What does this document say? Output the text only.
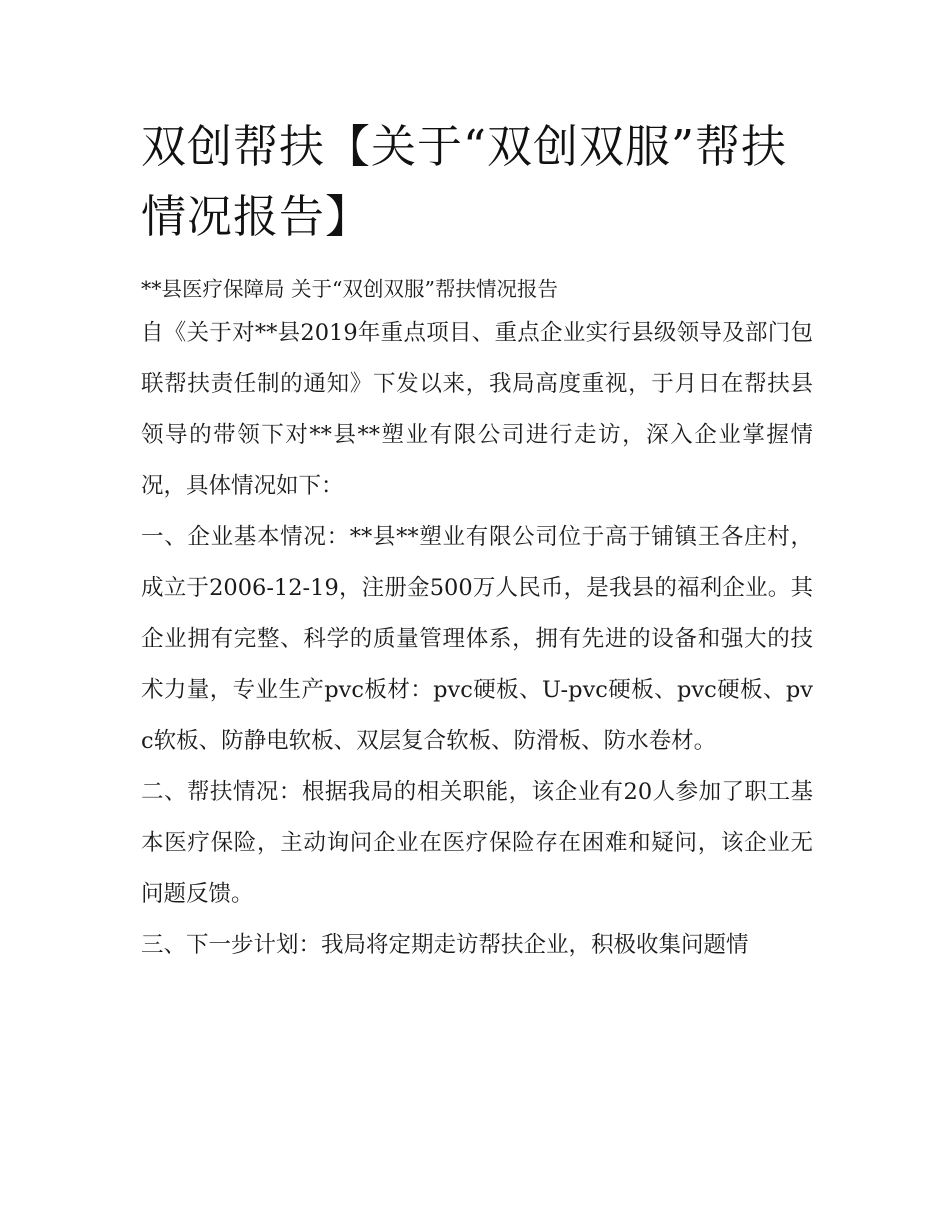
双创帮扶【关于“双创双服”帮扶情况报告】

**县医疗保障局 关于“双创双服”帮扶情况报告

自《关于对**县2019年重点项目、重点企业实行县级领导及部门包联帮扶责任制的通知》下发以来，我局高度重视，于月日在帮扶县领导的带领下对**县**塑业有限公司进行走访，深入企业掌握情况，具体情况如下：

一、企业基本情况：**县**塑业有限公司位于高于铺镇王各庄村，成立于2006-12-19，注册金500万人民币，是我县的福利企业。其企业拥有完整、科学的质量管理体系，拥有先进的设备和强大的技术力量，专业生产pvc板材：pvc硬板、U-pvc硬板、pvc硬板、pvc软板、防静电软板、双层复合软板、防滑板、防水卷材。

二、帮扶情况：根据我局的相关职能，该企业有20人参加了职工基本医疗保险，主动询问企业在医疗保险存在困难和疑问，该企业无问题反馈。

三、下一步计划：我局将定期走访帮扶企业，积极收集问题情
